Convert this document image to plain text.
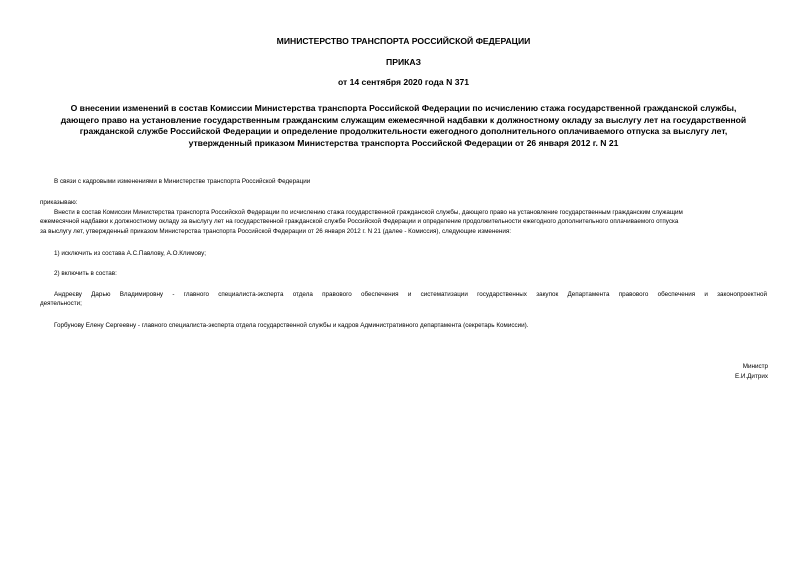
МИНИСТЕРСТВО ТРАНСПОРТА РОССИЙСКОЙ ФЕДЕРАЦИИ
ПРИКАЗ
от 14 сентября 2020 года N 371
О внесении изменений в состав Комиссии Министерства транспорта Российской Федерации по исчислению стажа государственной гражданской службы,
дающего право на установление государственным гражданским служащим ежемесячной надбавки к должностному окладу за выслугу лет на государственной
гражданской службе Российской Федерации и определение продолжительности ежегодного дополнительного оплачиваемого отпуска за выслугу лет,
утвержденный приказом Министерства транспорта Российской Федерации от 26 января 2012 г. N 21
В связи с кадровыми изменениями в Министерстве транспорта Российской Федерации
приказываю:
Внести в состав Комиссии Министерства транспорта Российской Федерации по исчислению стажа государственной гражданской службы, дающего право на установление государственным гражданским служащим
ежемесячной надбавки к должностному окладу за выслугу лет на государственной гражданской службе Российской Федерации и определение продолжительности ежегодного дополнительного оплачиваемого отпуска
за выслугу лет, утвержденный приказом Министерства транспорта Российской Федерации от 26 января 2012 г. N 21 (далее - Комиссия), следующие изменения:
1) исключить из состава А.С.Павлову, А.О.Климову;
2) включить в состав:
Андреєву Дарью Владимировну - главного специалиста-эксперта отдела правового обеспечения и систематизации государственных закупок Департамента правового обеспечения и законопроектной
деятельности;
Горбунову Елену Сергеевну - главного специалиста-эксперта отдела государственной службы и кадров Административного департамента (секретарь Комиссии).
Министр
Е.И.Дитрих
